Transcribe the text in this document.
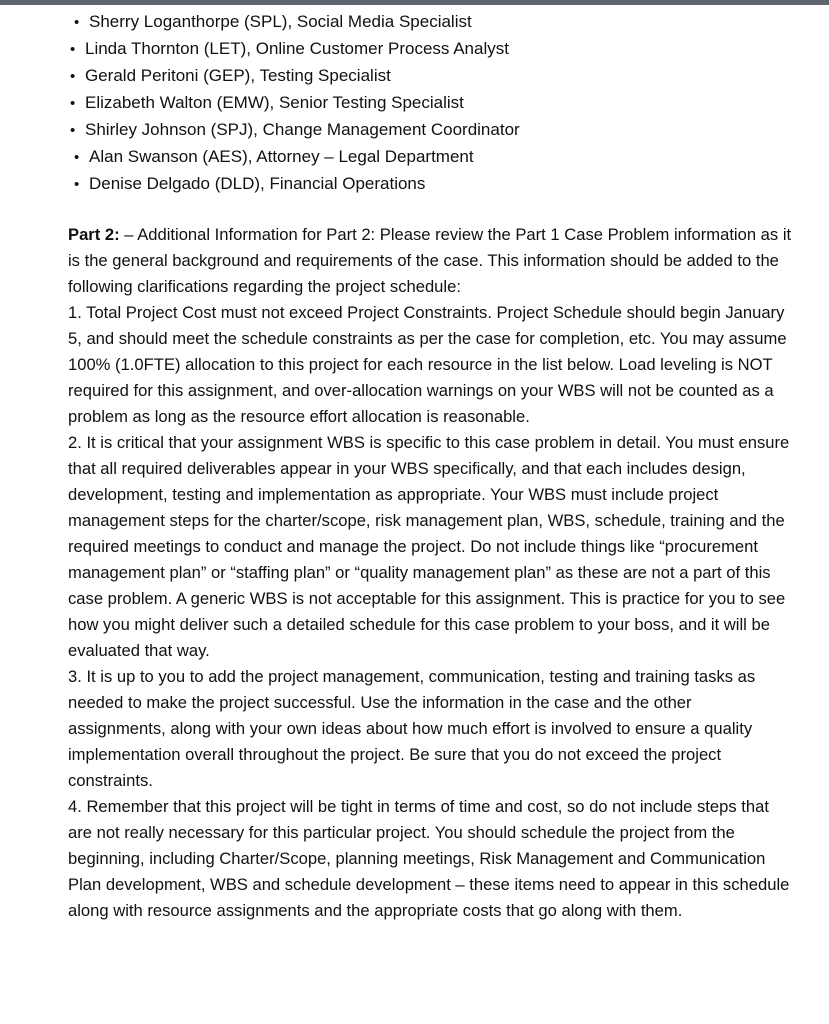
• Sherry Loganthorpe (SPL), Social Media Specialist
• Linda Thornton (LET), Online Customer Process Analyst
• Gerald Peritoni (GEP), Testing Specialist
• Elizabeth Walton (EMW), Senior Testing Specialist
• Shirley Johnson (SPJ), Change Management Coordinator
• Alan Swanson (AES), Attorney – Legal Department
• Denise Delgado (DLD), Financial Operations

Part 2: – Additional Information for Part 2: Please review the Part 1 Case Problem information as it is the general background and requirements of the case. This information should be added to the following clarifications regarding the project schedule:

1. Total Project Cost must not exceed Project Constraints. Project Schedule should begin January 5, and should meet the schedule constraints as per the case for completion, etc. You may assume 100% (1.0FTE) allocation to this project for each resource in the list below. Load leveling is NOT required for this assignment, and over-allocation warnings on your WBS will not be counted as a problem as long as the resource effort allocation is reasonable.

2. It is critical that your assignment WBS is specific to this case problem in detail. You must ensure that all required deliverables appear in your WBS specifically, and that each includes design, development, testing and implementation as appropriate. Your WBS must include project management steps for the charter/scope, risk management plan, WBS, schedule, training and the required meetings to conduct and manage the project. Do not include things like “procurement management plan” or “staffing plan” or “quality management plan” as these are not a part of this case problem. A generic WBS is not acceptable for this assignment. This is practice for you to see how you might deliver such a detailed schedule for this case problem to your boss, and it will be evaluated that way.

3. It is up to you to add the project management, communication, testing and training tasks as needed to make the project successful. Use the information in the case and the other assignments, along with your own ideas about how much effort is involved to ensure a quality implementation overall throughout the project. Be sure that you do not exceed the project constraints.

4. Remember that this project will be tight in terms of time and cost, so do not include steps that are not really necessary for this particular project. You should schedule the project from the beginning, including Charter/Scope, planning meetings, Risk Management and Communication Plan development, WBS and schedule development – these items need to appear in this schedule along with resource assignments and the appropriate costs that go along with them.
